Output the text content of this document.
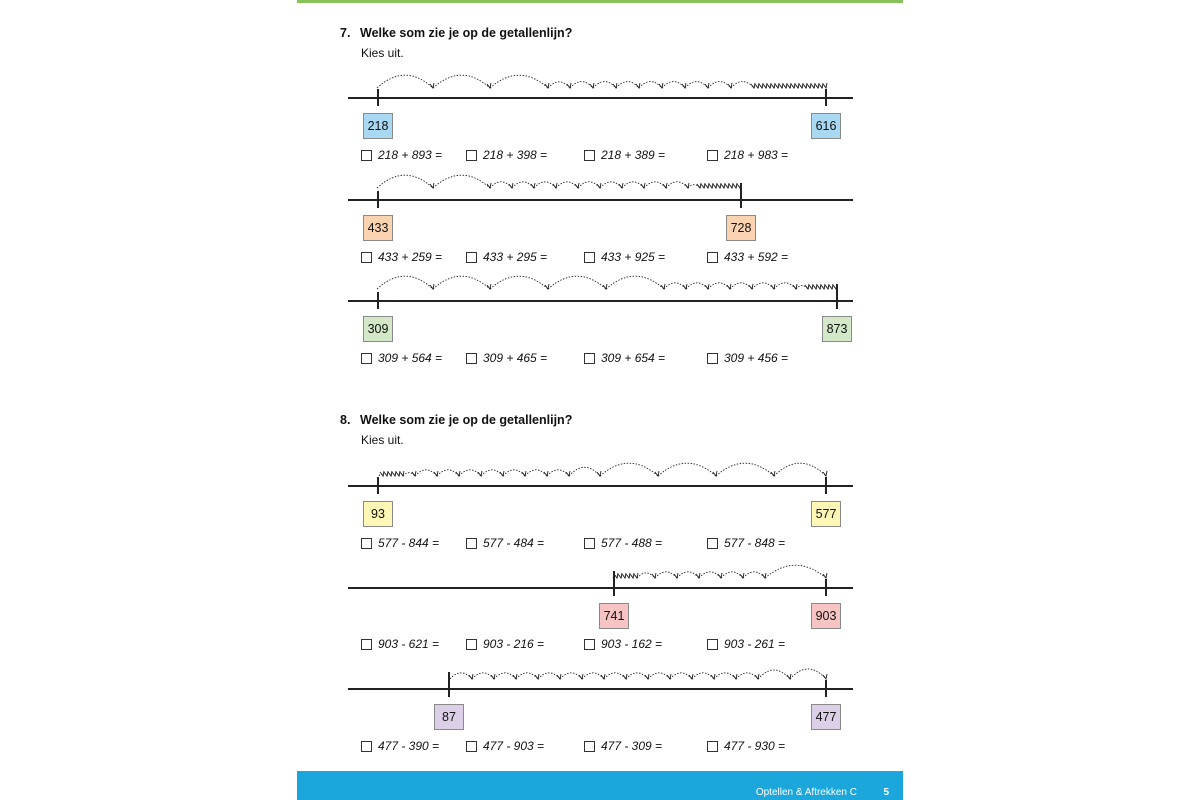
7. Welke som zie je op de getallenlijn?
Kies uit.
218	616
218 + 893 =	218 + 398 =	218 + 389 =	218 + 983 =
433	728
433 + 259 =	433 + 295 =	433 + 925 =	433 + 592 =
309	873
309 + 564 =	309 + 465 =	309 + 654 =	309 + 456 =
8. Welke som zie je op de getallenlijn?
Kies uit.
93	577
577 - 844 =	577 - 484 =	577 - 488 =	577 - 848 =
741	903
903 - 621 =	903 - 216 =	903 - 162 =	903 - 261 =
87	477
477 - 390 =	477 - 903 =	477 - 309 =	477 - 930 =
Optellen & Aftrekken C	5
